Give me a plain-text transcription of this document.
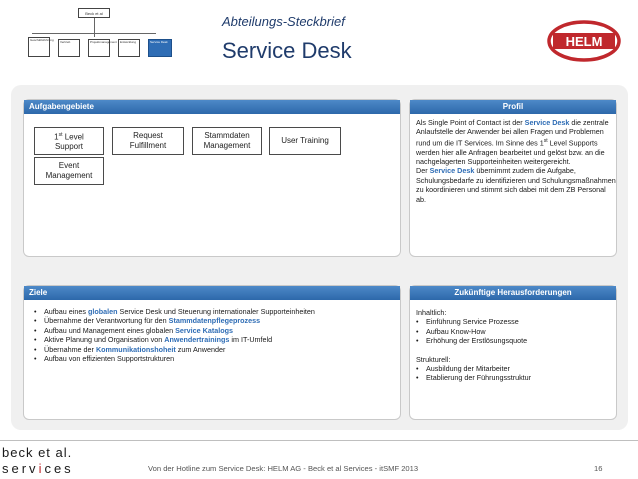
Beck et al
Geschäftsführung	Vertrieb	Projektmanagement	Entwicklung	Service Desk
Abteilungs-Steckbrief
Service Desk	HELM
Aufgabengebiete
1st Level
Support
Request
Fulfillment
Stammdaten
Management
User Training
Event
Management
Profil
Als Single Point of Contact ist der Service Desk die zentrale Anlaufstelle der Anwender bei allen Fragen und Problemen rund um die IT Services. Im Sinne des 1st Level Supports werden hier alle Anfragen bearbeitet und gelöst bzw. an die nachgelagerten Supporteinheiten weitergereicht.
Der Service Desk übernimmt zudem die Aufgabe, Schulungsbedarfe zu identifizieren und Schulungsmaßnahmen zu koordinieren und stimmt sich dabei mit dem ZB Personal ab.
Ziele
• Aufbau eines globalen Service Desk und Steuerung internationaler Supporteinheiten
• Übernahme der Verantwortung für den Stammdatenpflegeprozess
• Aufbau und Management eines globalen Service Katalogs
• Aktive Planung und Organisation von Anwendertrainings im IT-Umfeld
• Übernahme der Kommunikationshoheit zum Anwender
• Aufbau von effizienten Supportstrukturen
Zukünftige Herausforderungen
Inhaltlich:
• Einführung Service Prozesse
• Aufbau Know-How
• Erhöhung der Erstlösungsquote
Strukturell:
• Ausbildung der Mitarbeiter
• Etablierung der Führungsstruktur
beck et al.
services	Von der Hotline zum Service Desk: HELM AG - Beck et al Services - itSMF 2013	16
